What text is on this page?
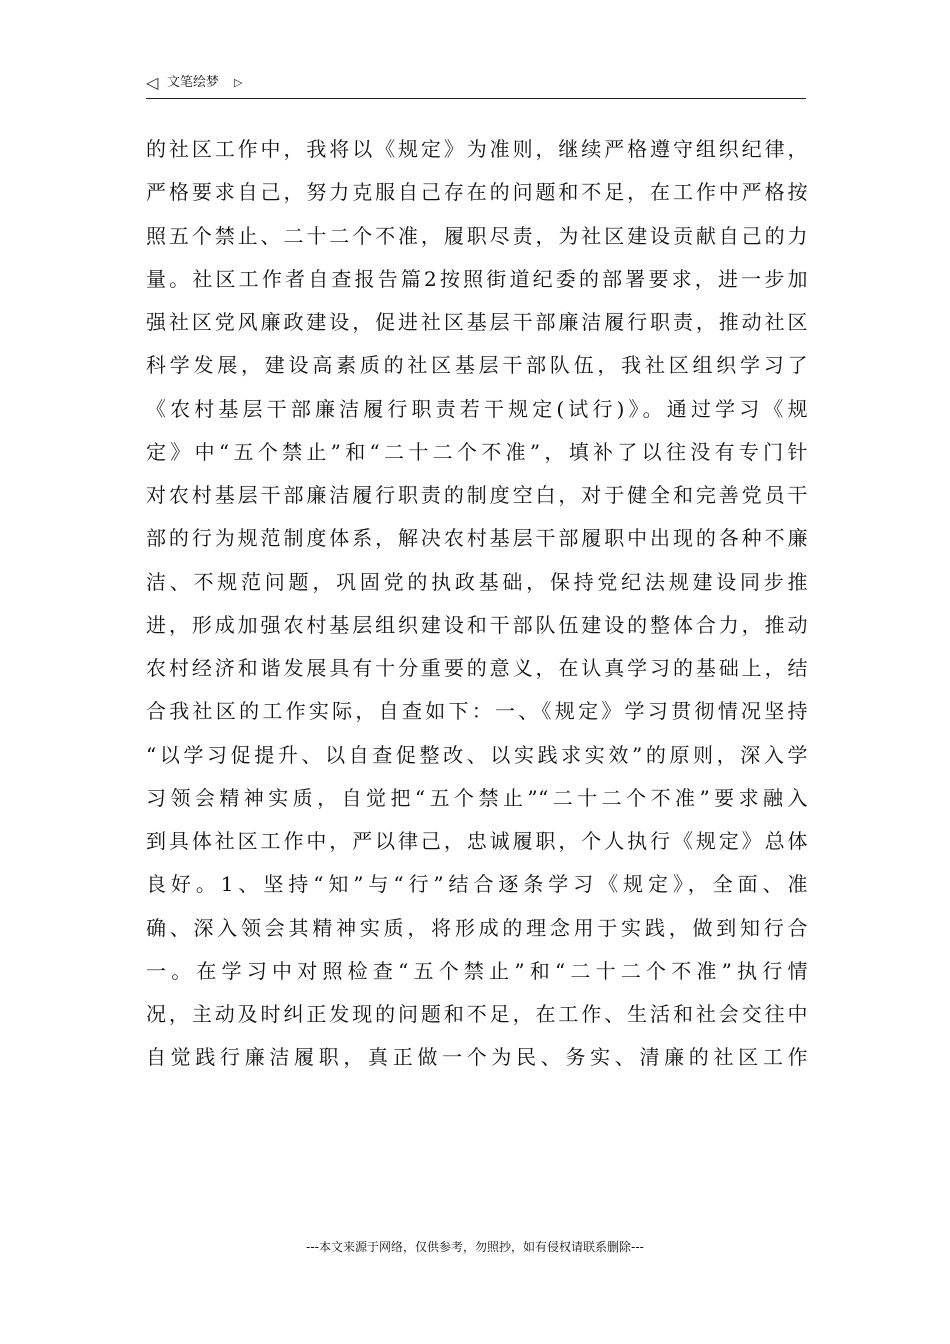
◁ 文笔绘梦 ▷
的社区工作中，我将以《规定》为准则，继续严格遵守组织纪律，
严格要求自己，努力克服自己存在的问题和不足，在工作中严格按
照五个禁止、二十二个不准，履职尽责，为社区建设贡献自己的力
量。社区工作者自查报告篇2按照街道纪委的部署要求，进一步加
强社区党风廉政建设，促进社区基层干部廉洁履行职责，推动社区
科学发展，建设高素质的社区基层干部队伍，我社区组织学习了
《农村基层干部廉洁履行职责若干规定(试行)》。通过学习《规
定》中“五个禁止”和“二十二个不准”，填补了以往没有专门针
对农村基层干部廉洁履行职责的制度空白，对于健全和完善党员干
部的行为规范制度体系，解决农村基层干部履职中出现的各种不廉
洁、不规范问题，巩固党的执政基础，保持党纪法规建设同步推
进，形成加强农村基层组织建设和干部队伍建设的整体合力，推动
农村经济和谐发展具有十分重要的意义，在认真学习的基础上，结
合我社区的工作实际，自查如下：一、《规定》学习贯彻情况坚持
“以学习促提升、以自查促整改、以实践求实效”的原则，深入学
习领会精神实质，自觉把“五个禁止”“二十二个不准”要求融入
到具体社区工作中，严以律己，忠诚履职，个人执行《规定》总体
良好。1、坚持“知”与“行”结合逐条学习《规定》，全面、准
确、深入领会其精神实质，将形成的理念用于实践，做到知行合
一。在学习中对照检查“五个禁止”和“二十二个不准”执行情
况，主动及时纠正发现的问题和不足，在工作、生活和社会交往中
自觉践行廉洁履职，真正做一个为民、务实、清廉的社区工作
---本文来源于网络，仅供参考，勿照抄，如有侵权请联系删除---
